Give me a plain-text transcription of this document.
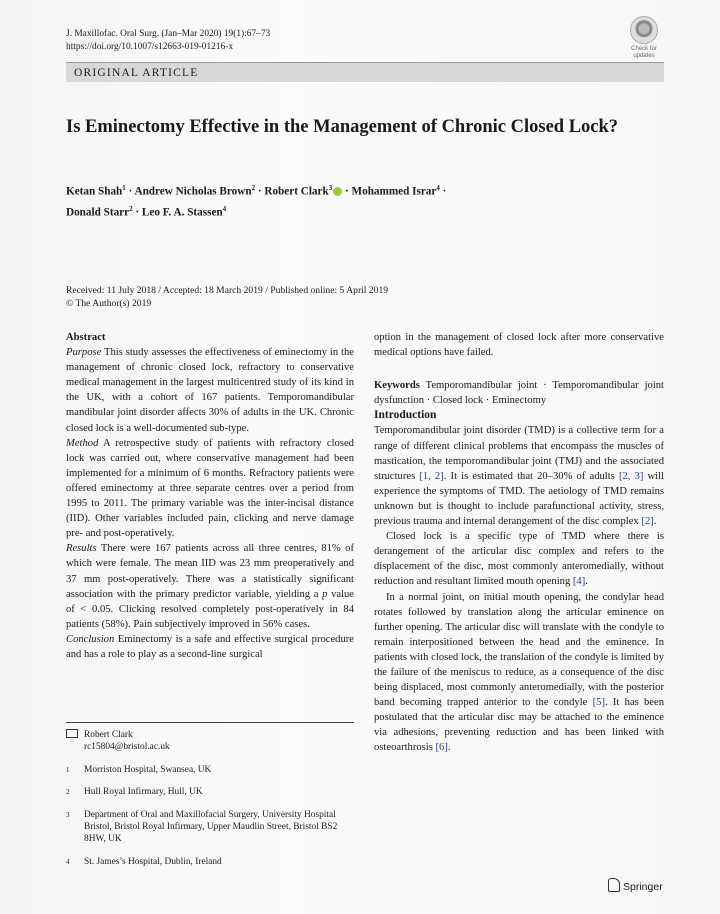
J. Maxillofac. Oral Surg. (Jan–Mar 2020) 19(1):67–73
https://doi.org/10.1007/s12663-019-01216-x	Check for
updates
ORIGINAL ARTICLE
Is Eminectomy Effective in the Management of Chronic Closed Lock?
Ketan Shah$^1$ · Andrew Nicholas Brown$^2$ · Robert Clark$^3$ · Mohammed Israr$^4$ ·
Donald Starr$^2$ · Leo F. A. Stassen$^4$
Received: 11 July 2018 / Accepted: 18 March 2019 / Published online: 5 April 2019
© The Author(s) 2019

Abstract

Purpose This study assesses the effectiveness of eminectomy in the management of chronic closed lock, refractory to conservative medical management in the largest multicentred study of its kind in the UK, with a cohort of 167 patients. Temporomandibular mandibular joint disorder affects 30% of adults in the UK. Chronic closed lock is a well-documented sub-type.

Method A retrospective study of patients with refractory closed lock was carried out, where conservative management had been implemented for a minimum of 6 months. Refractory patients were offered eminectomy at three separate centres over a period from 1995 to 2011. The primary variable was the inter-incisal distance (IID). Other variables included pain, clicking and nerve damage pre- and post-operatively.

Results There were 167 patients across all three centres, 81% of which were female. The mean IID was 23 mm preoperatively and 37 mm post-operatively. There was a statistically significant association with the primary predictor variable, yielding a p value of < 0.05. Clicking resolved completely post-operatively in 84 patients (58%). Pain subjectively improved in 56% cases.

Conclusion Eminectomy is a safe and effective surgical procedure and has a role to play as a second-line surgical

Robert Clark
rc15804@bristol.ac.uk
1	Morriston Hospital, Swansea, UK
2	Hull Royal Infirmary, Hull, UK
3	Department of Oral and Maxillofacial Surgery, University Hospital Bristol, Bristol Royal Infirmary, Upper Maudlin Street, Bristol BS2 8HW, UK
4	St. James’s Hospital, Dublin, Ireland

option in the management of closed lock after more conservative medical options have failed.

Keywords Temporomandibular joint · Temporomandibular joint dysfunction · Closed lock · Eminectomy

Introduction

Temporomandibular joint disorder (TMD) is a collective term for a range of different clinical problems that encompass the muscles of mastication, the temporomandibular joint (TMJ) and the associated structures [1, 2]. It is estimated that 20–30% of adults [2, 3] will experience the symptoms of TMD. The aetiology of TMD remains unknown but is thought to include parafunctional activity, stress, previous trauma and internal derangement of the disc complex [2].

Closed lock is a specific type of TMD where there is derangement of the articular disc complex and refers to the displacement of the disc, most commonly anteromedially, without reduction and resultant limited mouth opening [4].

In a normal joint, on initial mouth opening, the condylar head rotates followed by translation along the articular eminence on further opening. The articular disc will translate with the condyle to remain interpositioned between the head and the eminence. In patients with closed lock, the translation of the condyle is limited by the failure of the meniscus to reduce, as a consequence of the disc being displaced, most commonly anteromedially, with the posterior band becoming trapped anterior to the condyle [5]. It has been postulated that the articular disc may be attached to the eminence via adhesions, preventing reduction and has been linked with osteoarthrosis [6].

Springer
